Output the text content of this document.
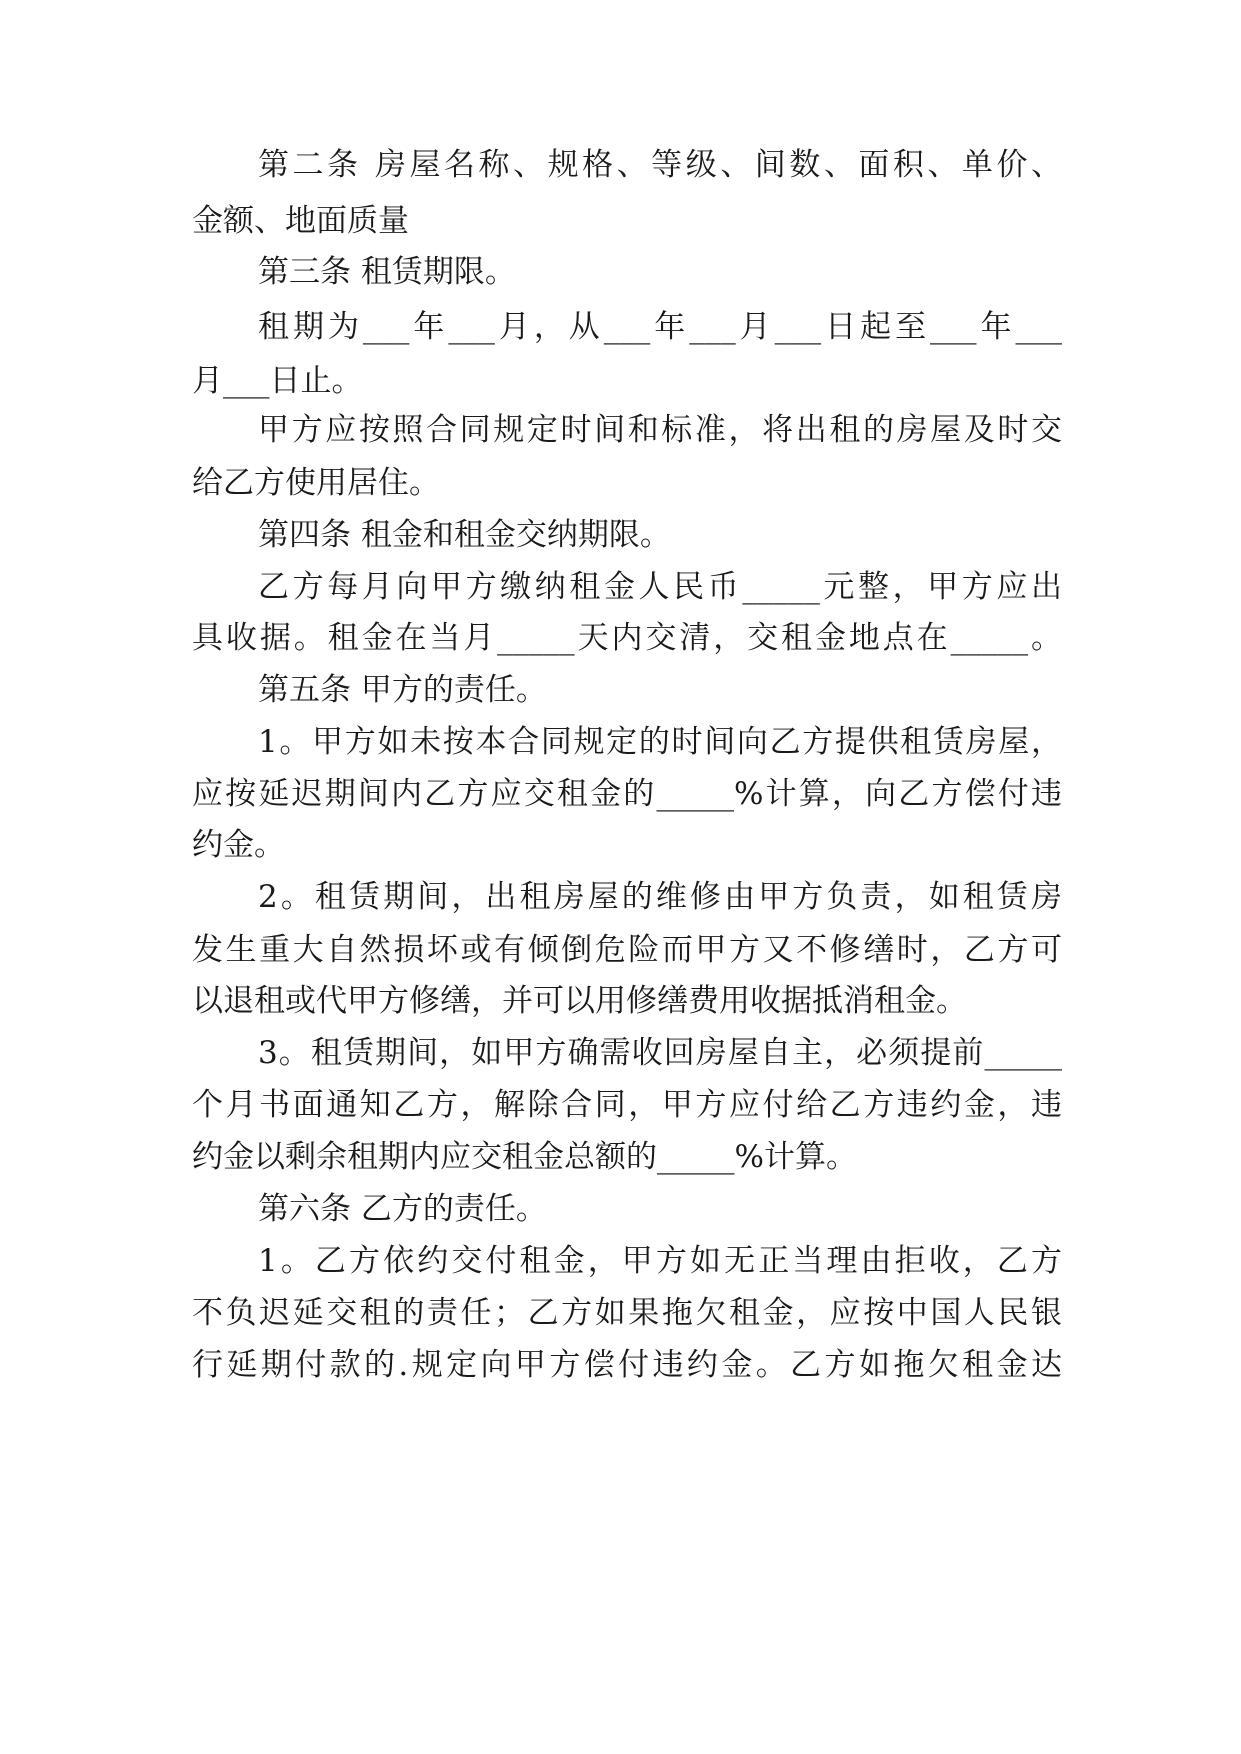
第二条 房屋名称、规格、等级、间数、面积、单价、
金额、地面质量
第三条 租赁期限。
租期为___年___月，从___年___月___日起至___年___
月___日止。
甲方应按照合同规定时间和标准，将出租的房屋及时交
给乙方使用居住。
第四条 租金和租金交纳期限。
乙方每月向甲方缴纳租金人民币_____元整，甲方应出
具收据。租金在当月_____天内交清，交租金地点在_____。
第五条 甲方的责任。
1。甲方如未按本合同规定的时间向乙方提供租赁房屋，
应按延迟期间内乙方应交租金的_____%计算，向乙方偿付违
约金。
2。租赁期间，出租房屋的维修由甲方负责，如租赁房
发生重大自然损坏或有倾倒危险而甲方又不修缮时，乙方可
以退租或代甲方修缮，并可以用修缮费用收据抵消租金。
3。租赁期间，如甲方确需收回房屋自主，必须提前_____
个月书面通知乙方，解除合同，甲方应付给乙方违约金，违
约金以剩余租期内应交租金总额的_____%计算。
第六条 乙方的责任。
1。乙方依约交付租金，甲方如无正当理由拒收，乙方
不负迟延交租的责任；乙方如果拖欠租金，应按中国人民银
行延期付款的.规定向甲方偿付违约金。乙方如拖欠租金达
